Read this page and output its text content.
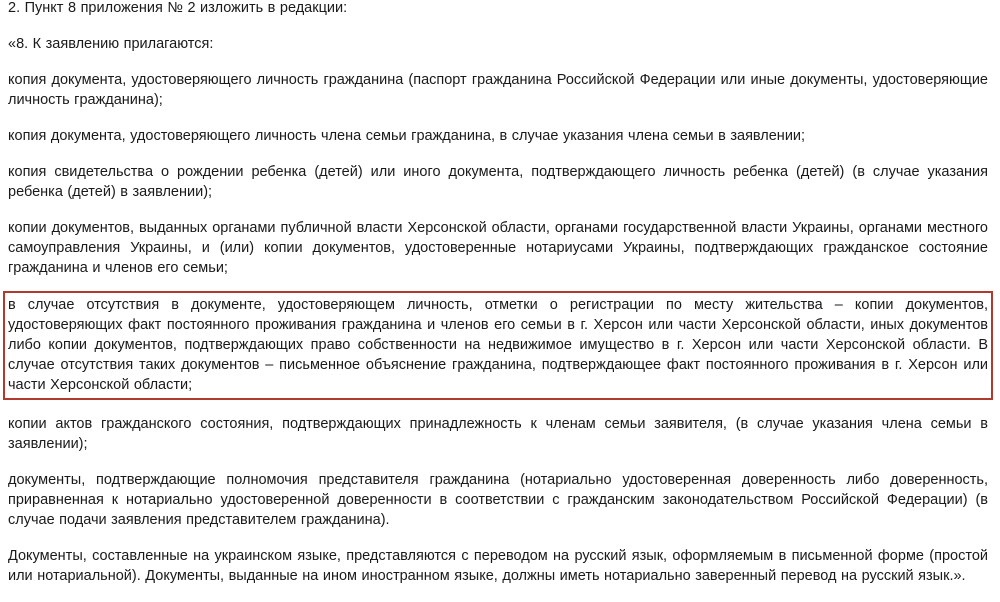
2. Пункт 8 приложения № 2 изложить в редакции:

«8. К заявлению прилагаются:

копия документа, удостоверяющего личность гражданина (паспорт гражданина Российской Федерации или иные документы, удостоверяющие личность гражданина);

копия документа, удостоверяющего личность члена семьи гражданина, в случае указания члена семьи в заявлении;

копия свидетельства о рождении ребенка (детей) или иного документа, подтверждающего личность ребенка (детей) (в случае указания ребенка (детей) в заявлении);

копии документов, выданных органами публичной власти Херсонской области, органами государственной власти Украины, органами местного самоуправления Украины, и (или) копии документов, удостоверенные нотариусами Украины, подтверждающих гражданское состояние гражданина и членов его семьи;

в случае отсутствия в документе, удостоверяющем личность, отметки о регистрации по месту жительства – копии документов, удостоверяющих факт постоянного проживания гражданина и членов его семьи в г. Херсон или части Херсонской области, иных документов либо копии документов, подтверждающих право собственности на недвижимое имущество в г. Херсон или части Херсонской области. В случае отсутствия таких документов – письменное объяснение гражданина, подтверждающее факт постоянного проживания в г. Херсон или части Херсонской области;

копии актов гражданского состояния, подтверждающих принадлежность к членам семьи заявителя, (в случае указания члена семьи в заявлении);

документы, подтверждающие полномочия представителя гражданина (нотариально удостоверенная доверенность либо доверенность, приравненная к нотариально удостоверенной доверенности в соответствии с гражданским законодательством Российской Федерации) (в случае подачи заявления представителем гражданина).

Документы, составленные на украинском языке, представляются с переводом на русский язык, оформляемым в письменной форме (простой или нотариальной). Документы, выданные на ином иностранном языке, должны иметь нотариально заверенный перевод на русский язык.».
